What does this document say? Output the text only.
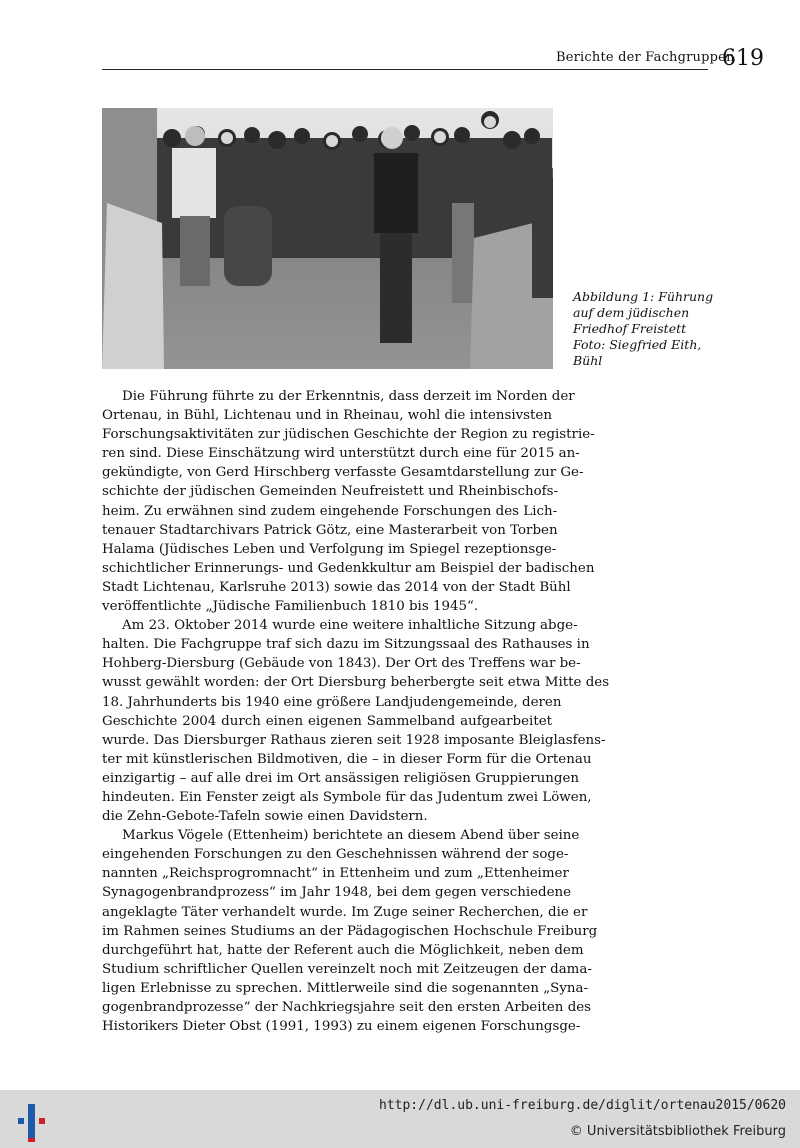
Berichte der Fachgruppen
619
Abbildung 1: Führung
auf dem jüdischen
Friedhof Freistett
Foto: Siegfried Eith,
Bühl
Die Führung führte zu der Erkenntnis, dass derzeit im Norden der
Ortenau, in Bühl, Lichtenau und in Rheinau, wohl die intensivsten
Forschungsaktivitäten zur jüdischen Geschichte der Region zu registrie-
ren sind. Diese Einschätzung wird unterstützt durch eine für 2015 an-
gekündigte, von Gerd Hirschberg verfasste Gesamtdarstellung zur Ge-
schichte der jüdischen Gemeinden Neufreistett und Rheinbischofs-
heim. Zu erwähnen sind zudem eingehende Forschungen des Lich-
tenauer Stadtarchivars Patrick Götz, eine Masterarbeit von Torben
Halama (Jüdisches Leben und Verfolgung im Spiegel rezeptionsge-
schichtlicher Erinnerungs- und Gedenkkultur am Beispiel der badischen
Stadt Lichtenau, Karlsruhe 2013) sowie das 2014 von der Stadt Bühl
veröffentlichte „Jüdische Familienbuch 1810 bis 1945“.
Am 23. Oktober 2014 wurde eine weitere inhaltliche Sitzung abge-
halten. Die Fachgruppe traf sich dazu im Sitzungssaal des Rathauses in
Hohberg-Diersburg (Gebäude von 1843). Der Ort des Treffens war be-
wusst gewählt worden: der Ort Diersburg beherbergte seit etwa Mitte des
18. Jahrhunderts bis 1940 eine größere Landjudengemeinde, deren
Geschichte 2004 durch einen eigenen Sammelband aufgearbeitet
wurde. Das Diersburger Rathaus zieren seit 1928 imposante Bleiglasfens-
ter mit künstlerischen Bildmotiven, die – in dieser Form für die Ortenau
einzigartig – auf alle drei im Ort ansässigen religiösen Gruppierungen
hindeuten. Ein Fenster zeigt als Symbole für das Judentum zwei Löwen,
die Zehn-Gebote-Tafeln sowie einen Davidstern.
Markus Vögele (Ettenheim) berichtete an diesem Abend über seine
eingehenden Forschungen zu den Geschehnissen während der soge-
nannten „Reichsprogromnacht“ in Ettenheim und zum „Ettenheimer
Synagogenbrandprozess“ im Jahr 1948, bei dem gegen verschiedene
angeklagte Täter verhandelt wurde. Im Zuge seiner Recherchen, die er
im Rahmen seines Studiums an der Pädagogischen Hochschule Freiburg
durchgeführt hat, hatte der Referent auch die Möglichkeit, neben dem
Studium schriftlicher Quellen vereinzelt noch mit Zeitzeugen der dama-
ligen Erlebnisse zu sprechen. Mittlerweile sind die sogenannten „Syna-
gogenbrandprozesse“ der Nachkriegsjahre seit den ersten Arbeiten des
Historikers Dieter Obst (1991, 1993) zu einem eigenen Forschungsge-
http://dl.ub.uni-freiburg.de/diglit/ortenau2015/0620
© Universitätsbibliothek Freiburg
